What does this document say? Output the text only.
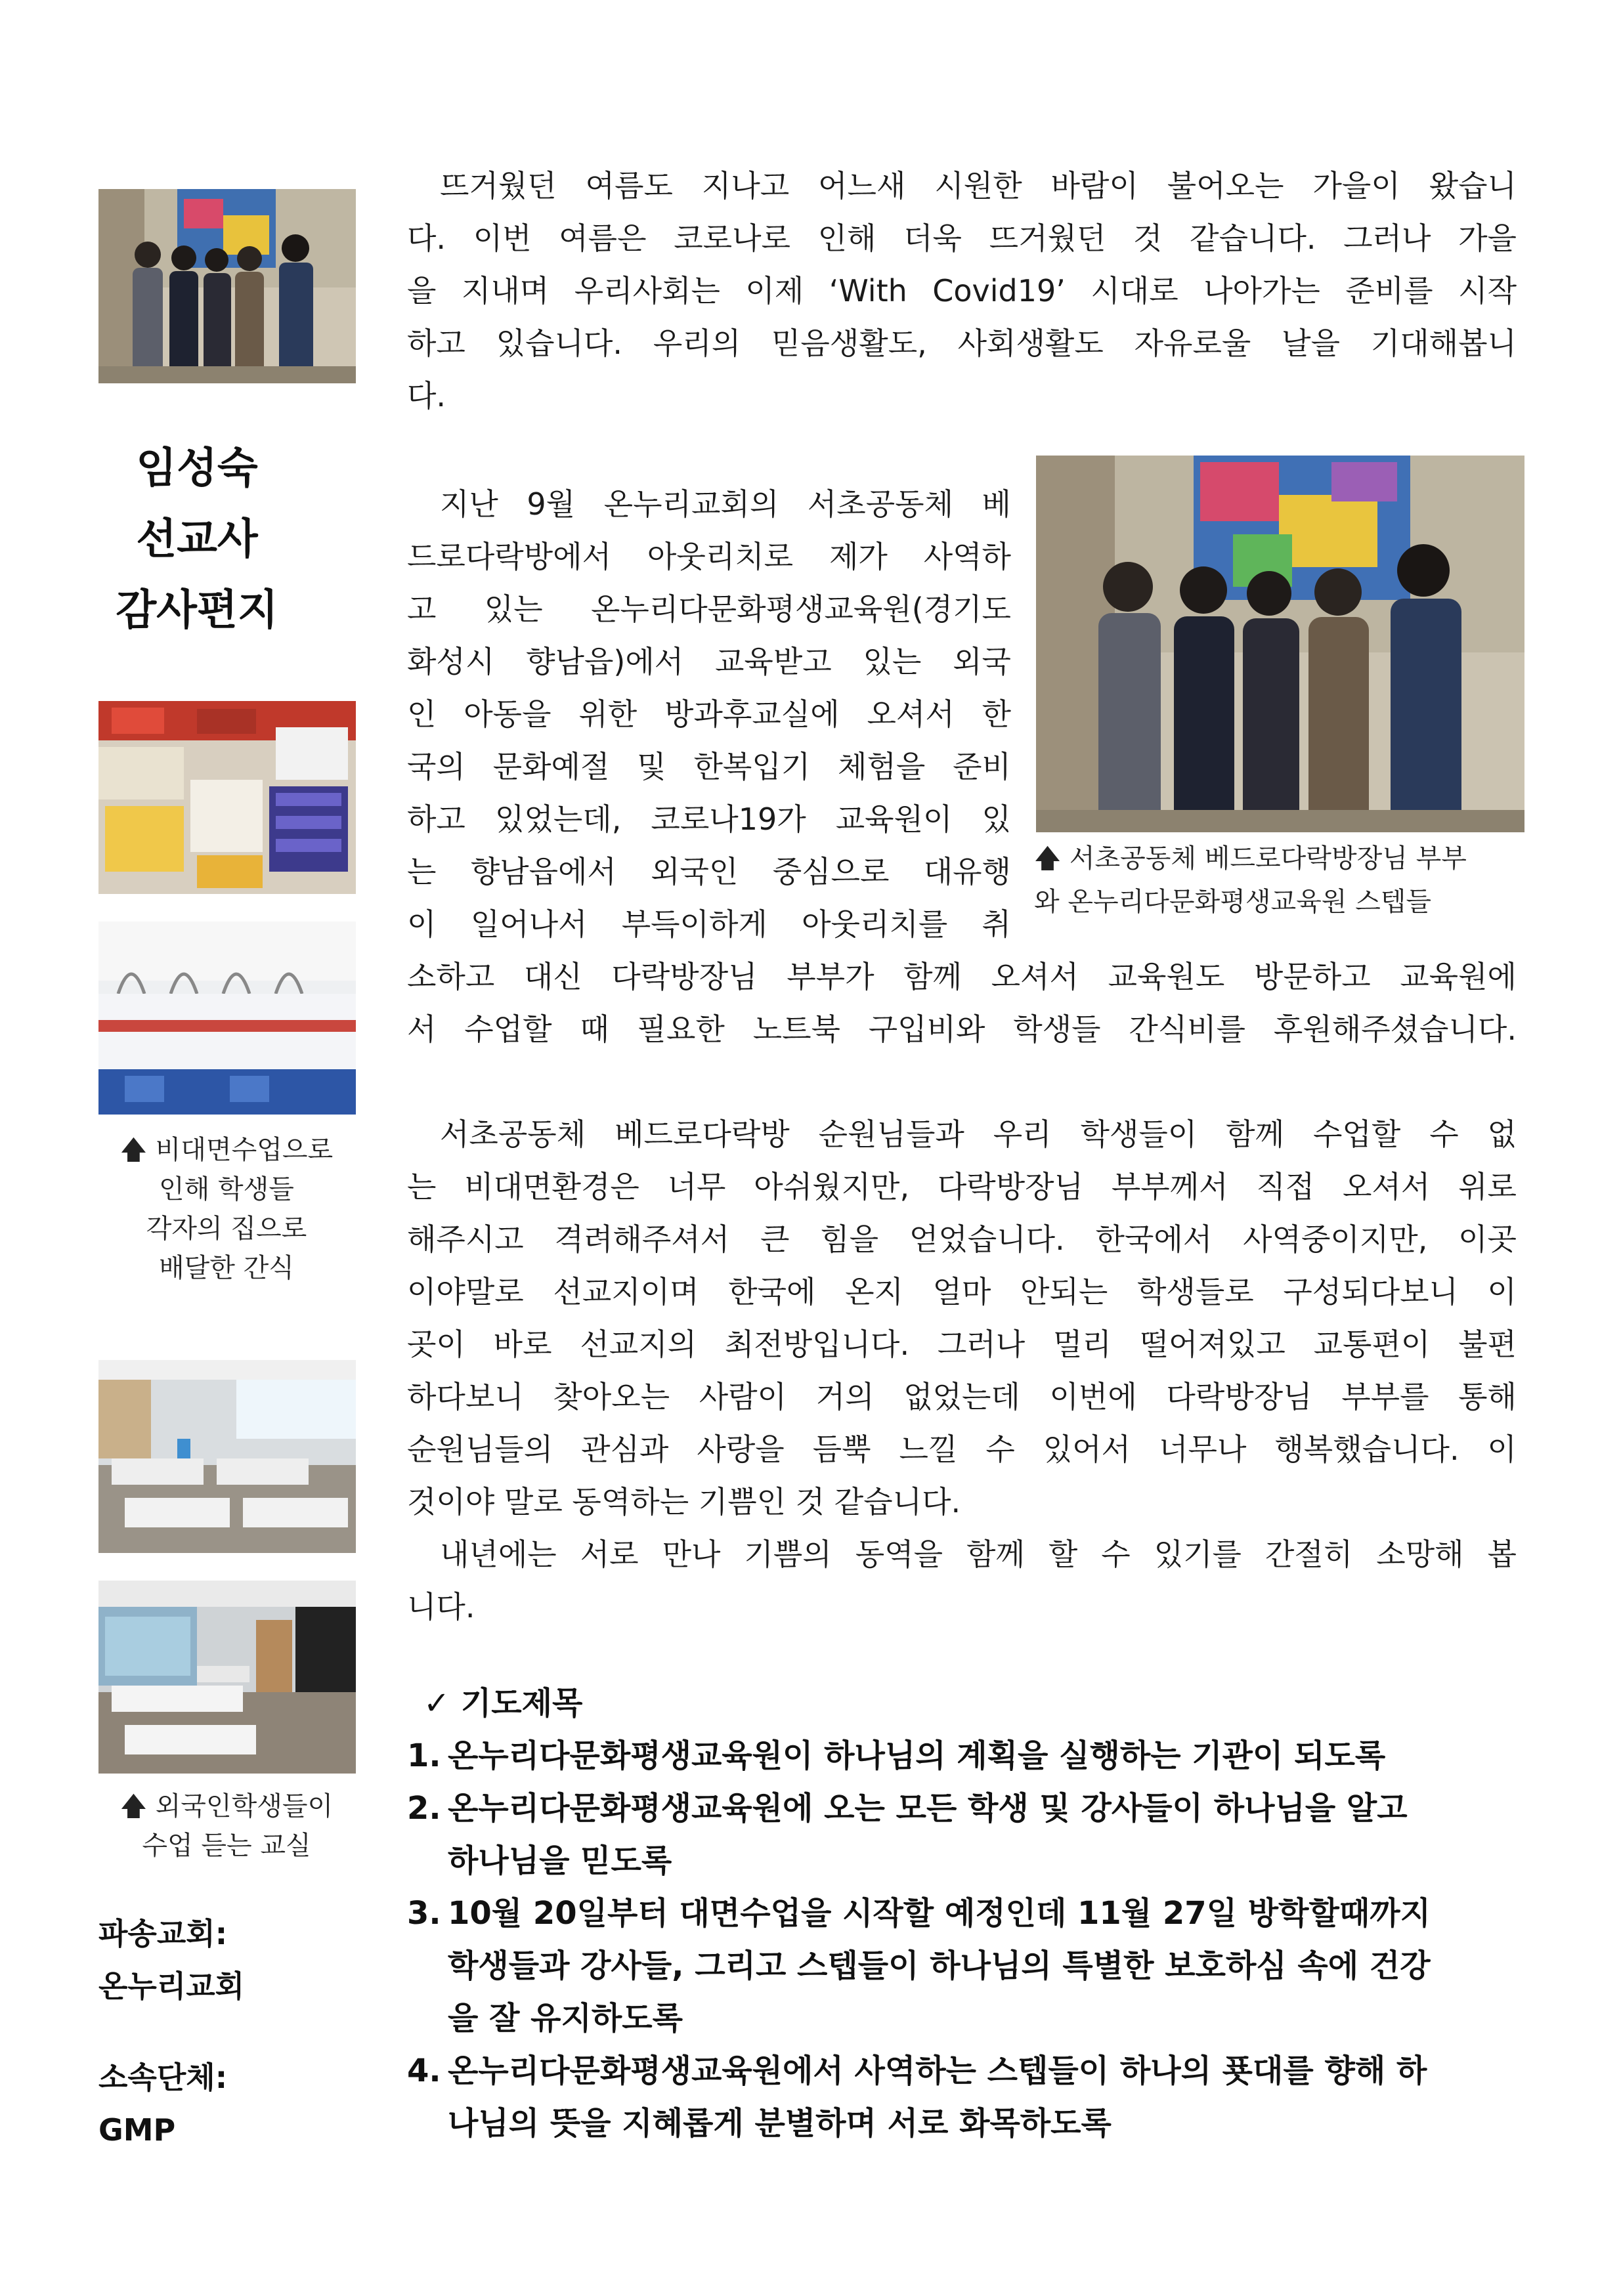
임성숙
선교사
감사편지
🡅 비대면수업으로
인해 학생들
각자의 집으로
배달한 간식
🡅 외국인학생들이
수업 듣는 교실
파송교회:
온누리교회
소속단체:
GMP
뜨거웠던 여름도 지나고 어느새 시원한 바람이 불어오는 가을이 왔습니
다. 이번 여름은 코로나로 인해 더욱 뜨거웠던 것 같습니다. 그러나 가을
을 지내며 우리사회는 이제 ‘With Covid19’ 시대로 나아가는 준비를 시작
하고 있습니다. 우리의 믿음생활도, 사회생활도 자유로울 날을 기대해봅니
다.
지난 9월 온누리교회의 서초공동체 베
드로다락방에서 아웃리치로 제가 사역하
고 있는 온누리다문화평생교육원(경기도
화성시 향남읍)에서 교육받고 있는 외국
인 아동을 위한 방과후교실에 오셔서 한
국의 문화예절 및 한복입기 체험을 준비
하고 있었는데, 코로나19가 교육원이 있
는 향남읍에서 외국인 중심으로 대유행
이 일어나서 부득이하게 아웃리치를 취
🡅 서초공동체 베드로다락방장님 부부
와 온누리다문화평생교육원 스텝들
소하고 대신 다락방장님 부부가 함께 오셔서 교육원도 방문하고 교육원에
서 수업할 때 필요한 노트북 구입비와 학생들 간식비를 후원해주셨습니다.
서초공동체 베드로다락방 순원님들과 우리 학생들이 함께 수업할 수 없
는 비대면환경은 너무 아쉬웠지만, 다락방장님 부부께서 직접 오셔서 위로
해주시고 격려해주셔서 큰 힘을 얻었습니다. 한국에서 사역중이지만, 이곳
이야말로 선교지이며 한국에 온지 얼마 안되는 학생들로 구성되다보니 이
곳이 바로 선교지의 최전방입니다. 그러나 멀리 떨어져있고 교통편이 불편
하다보니 찾아오는 사람이 거의 없었는데 이번에 다락방장님 부부를 통해
순원님들의 관심과 사랑을 듬뿍 느낄 수 있어서 너무나 행복했습니다. 이
것이야 말로 동역하는 기쁨인 것 같습니다.
내년에는 서로 만나 기쁨의 동역을 함께 할 수 있기를 간절히 소망해 봅
니다.
✓ 기도제목
1. 온누리다문화평생교육원이 하나님의 계획을 실행하는 기관이 되도록
2. 온누리다문화평생교육원에 오는 모든 학생 및 강사들이 하나님을 알고
하나님을 믿도록
3. 10월 20일부터 대면수업을 시작할 예정인데 11월 27일 방학할때까지
학생들과 강사들, 그리고 스텝들이 하나님의 특별한 보호하심 속에 건강
을 잘 유지하도록
4. 온누리다문화평생교육원에서 사역하는 스텝들이 하나의 푯대를 향해 하
나님의 뜻을 지혜롭게 분별하며 서로 화목하도록
